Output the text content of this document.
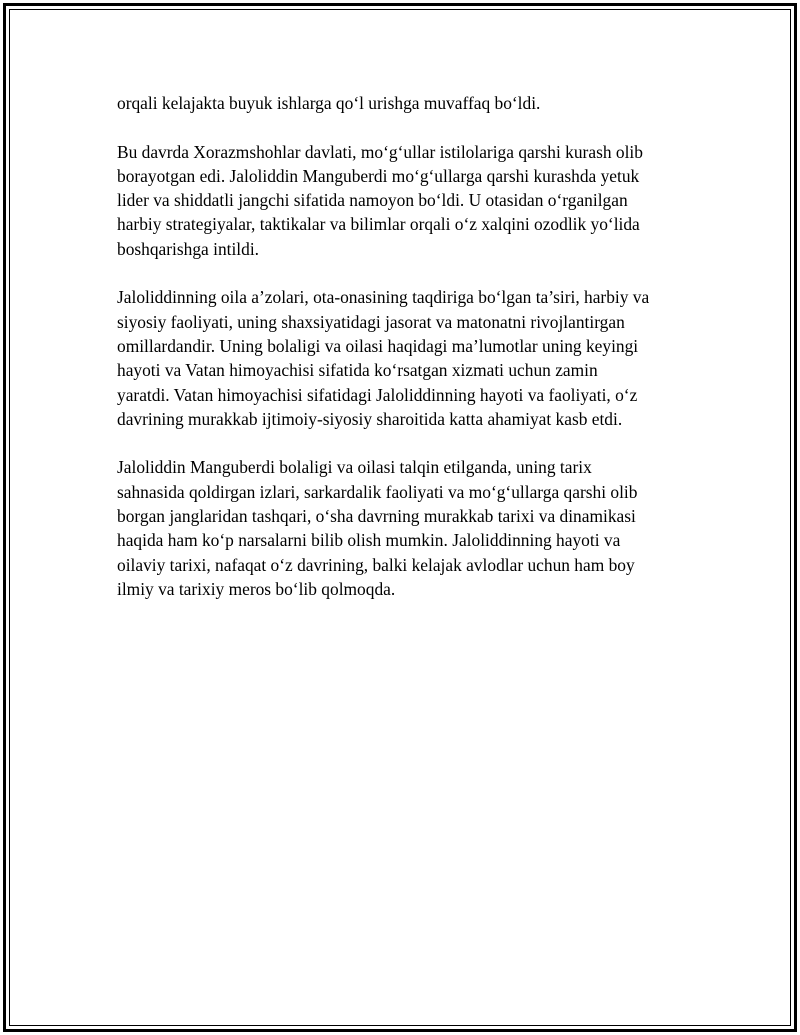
orqali kelajakta buyuk ishlarga qo‘l urishga muvaffaq bo‘ldi.

Bu davrda Xorazmshohlar davlati, mo‘g‘ullar istilolariga qarshi kurash olib
borayotgan edi. Jaloliddin Manguberdi mo‘g‘ullarga qarshi kurashda yetuk
lider va shiddatli jangchi sifatida namoyon bo‘ldi. U otasidan o‘rganilgan
harbiy strategiyalar, taktikalar va bilimlar orqali o‘z xalqini ozodlik yo‘lida
boshqarishga intildi.

Jaloliddinning oila a’zolari, ota-onasining taqdiriga bo‘lgan ta’siri, harbiy va
siyosiy faoliyati, uning shaxsiyatidagi jasorat va matonatni rivojlantirgan
omillardandir. Uning bolaligi va oilasi haqidagi ma’lumotlar uning keyingi
hayoti va Vatan himoyachisi sifatida ko‘rsatgan xizmati uchun zamin
yaratdi. Vatan himoyachisi sifatidagi Jaloliddinning hayoti va faoliyati, o‘z
davrining murakkab ijtimoiy-siyosiy sharoitida katta ahamiyat kasb etdi.

Jaloliddin Manguberdi bolaligi va oilasi talqin etilganda, uning tarix
sahnasida qoldirgan izlari, sarkardalik faoliyati va mo‘g‘ullarga qarshi olib
borgan janglaridan tashqari, o‘sha davrning murakkab tarixi va dinamikasi
haqida ham ko‘p narsalarni bilib olish mumkin. Jaloliddinning hayoti va
oilaviy tarixi, nafaqat o‘z davrining, balki kelajak avlodlar uchun ham boy
ilmiy va tarixiy meros bo‘lib qolmoqda.
